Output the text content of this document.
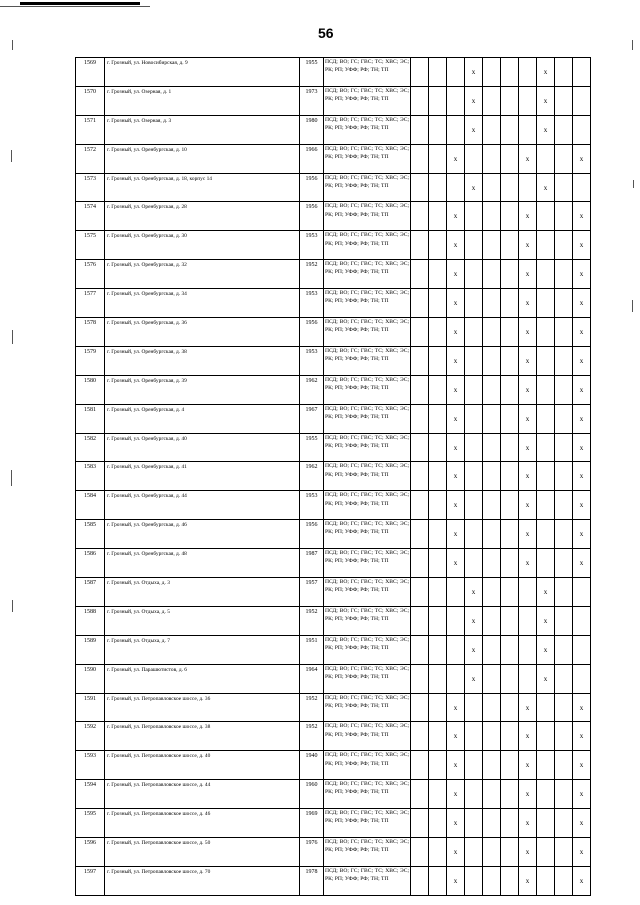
56
1569	г. Грозный, ул. Новосибирская, д. 9	1955	ПСД; ВО; ГС; ГВС; ТС; ХВС; ЭС; РК; РП; УФФ; РФ; ТН; ТП				x				x		
1570	г. Грозный, ул. Озерная, д. 1	1973	ПСД; ВО; ГС; ГВС; ТС; ХВС; ЭС; РК; РП; УФФ; РФ; ТН; ТП				x				x		
1571	г. Грозный, ул. Озерная, д. 3	1980	ПСД; ВО; ГС; ГВС; ТС; ХВС; ЭС; РК; РП; УФФ; РФ; ТН; ТП				x				x		
1572	г. Грозный, ул. Оренбургская, д. 10	1966	ПСД; ВО; ГС; ГВС; ТС; ХВС; ЭС; РК; РП; УФФ; РФ; ТН; ТП			x				x			x
1573	г. Грозный, ул. Оренбургская, д. 18, корпус 14	1956	ПСД; ВО; ГС; ГВС; ТС; ХВС; ЭС; РК; РП; УФФ; РФ; ТН; ТП				x				x		
1574	г. Грозный, ул. Оренбургская, д. 28	1956	ПСД; ВО; ГС; ГВС; ТС; ХВС; ЭС; РК; РП; УФФ; РФ; ТН; ТП			x				x			x
1575	г. Грозный, ул. Оренбургская, д. 30	1953	ПСД; ВО; ГС; ГВС; ТС; ХВС; ЭС; РК; РП; УФФ; РФ; ТН; ТП			x				x			x
1576	г. Грозный, ул. Оренбургская, д. 32	1952	ПСД; ВО; ГС; ГВС; ТС; ХВС; ЭС; РК; РП; УФФ; РФ; ТН; ТП			x				x			x
1577	г. Грозный, ул. Оренбургская, д. 34	1953	ПСД; ВО; ГС; ГВС; ТС; ХВС; ЭС; РК; РП; УФФ; РФ; ТН; ТП			x				x			x
1578	г. Грозный, ул. Оренбургская, д. 36	1956	ПСД; ВО; ГС; ГВС; ТС; ХВС; ЭС; РК; РП; УФФ; РФ; ТН; ТП			x				x			x
1579	г. Грозный, ул. Оренбургская, д. 38	1953	ПСД; ВО; ГС; ГВС; ТС; ХВС; ЭС; РК; РП; УФФ; РФ; ТН; ТП			x				x			x
1580	г. Грозный, ул. Оренбургская, д. 39	1962	ПСД; ВО; ГС; ГВС; ТС; ХВС; ЭС; РК; РП; УФФ; РФ; ТН; ТП			x				x			x
1581	г. Грозный, ул. Оренбургская, д. 4	1967	ПСД; ВО; ГС; ГВС; ТС; ХВС; ЭС; РК; РП; УФФ; РФ; ТН; ТП			x				x			x
1582	г. Грозный, ул. Оренбургская, д. 40	1955	ПСД; ВО; ГС; ГВС; ТС; ХВС; ЭС; РК; РП; УФФ; РФ; ТН; ТП			x				x			x
1583	г. Грозный, ул. Оренбургская, д. 41	1962	ПСД; ВО; ГС; ГВС; ТС; ХВС; ЭС; РК; РП; УФФ; РФ; ТН; ТП			x				x			x
1584	г. Грозный, ул. Оренбургская, д. 44	1953	ПСД; ВО; ГС; ГВС; ТС; ХВС; ЭС; РК; РП; УФФ; РФ; ТН; ТП			x				x			x
1585	г. Грозный, ул. Оренбургская, д. 46	1956	ПСД; ВО; ГС; ГВС; ТС; ХВС; ЭС; РК; РП; УФФ; РФ; ТН; ТП			x				x			x
1586	г. Грозный, ул. Оренбургская, д. 48	1987	ПСД; ВО; ГС; ГВС; ТС; ХВС; ЭС; РК; РП; УФФ; РФ; ТН; ТП			x				x			x
1587	г. Грозный, ул. Отдыха, д. 3	1957	ПСД; ВО; ГС; ГВС; ТС; ХВС; ЭС; РК; РП; УФФ; РФ; ТН; ТП				x				x		
1588	г. Грозный, ул. Отдыха, д. 5	1952	ПСД; ВО; ГС; ГВС; ТС; ХВС; ЭС; РК; РП; УФФ; РФ; ТН; ТП				x				x		
1589	г. Грозный, ул. Отдыха, д. 7	1951	ПСД; ВО; ГС; ГВС; ТС; ХВС; ЭС; РК; РП; УФФ; РФ; ТН; ТП				x				x		
1590	г. Грозный, ул. Парашютистов, д. 6	1964	ПСД; ВО; ГС; ГВС; ТС; ХВС; ЭС; РК; РП; УФФ; РФ; ТН; ТП				x				x		
1591	г. Грозный, ул. Петропавловское шоссе, д. 36	1952	ПСД; ВО; ГС; ГВС; ТС; ХВС; ЭС; РК; РП; УФФ; РФ; ТН; ТП			x				x			x
1592	г. Грозный, ул. Петропавловское шоссе, д. 38	1952	ПСД; ВО; ГС; ГВС; ТС; ХВС; ЭС; РК; РП; УФФ; РФ; ТН; ТП			x				x			x
1593	г. Грозный, ул. Петропавловское шоссе, д. 40	1940	ПСД; ВО; ГС; ГВС; ТС; ХВС; ЭС; РК; РП; УФФ; РФ; ТН; ТП			x				x			x
1594	г. Грозный, ул. Петропавловское шоссе, д. 44	1960	ПСД; ВО; ГС; ГВС; ТС; ХВС; ЭС; РК; РП; УФФ; РФ; ТН; ТП			x				x			x
1595	г. Грозный, ул. Петропавловское шоссе, д. 46	1969	ПСД; ВО; ГС; ГВС; ТС; ХВС; ЭС; РК; РП; УФФ; РФ; ТН; ТП			x				x			x
1596	г. Грозный, ул. Петропавловское шоссе, д. 50	1976	ПСД; ВО; ГС; ГВС; ТС; ХВС; ЭС; РК; РП; УФФ; РФ; ТН; ТП			x				x			x
1597	г. Грозный, ул. Петропавловское шоссе, д. 70	1978	ПСД; ВО; ГС; ГВС; ТС; ХВС; ЭС; РК; РП; УФФ; РФ; ТН; ТП			x				x			x
